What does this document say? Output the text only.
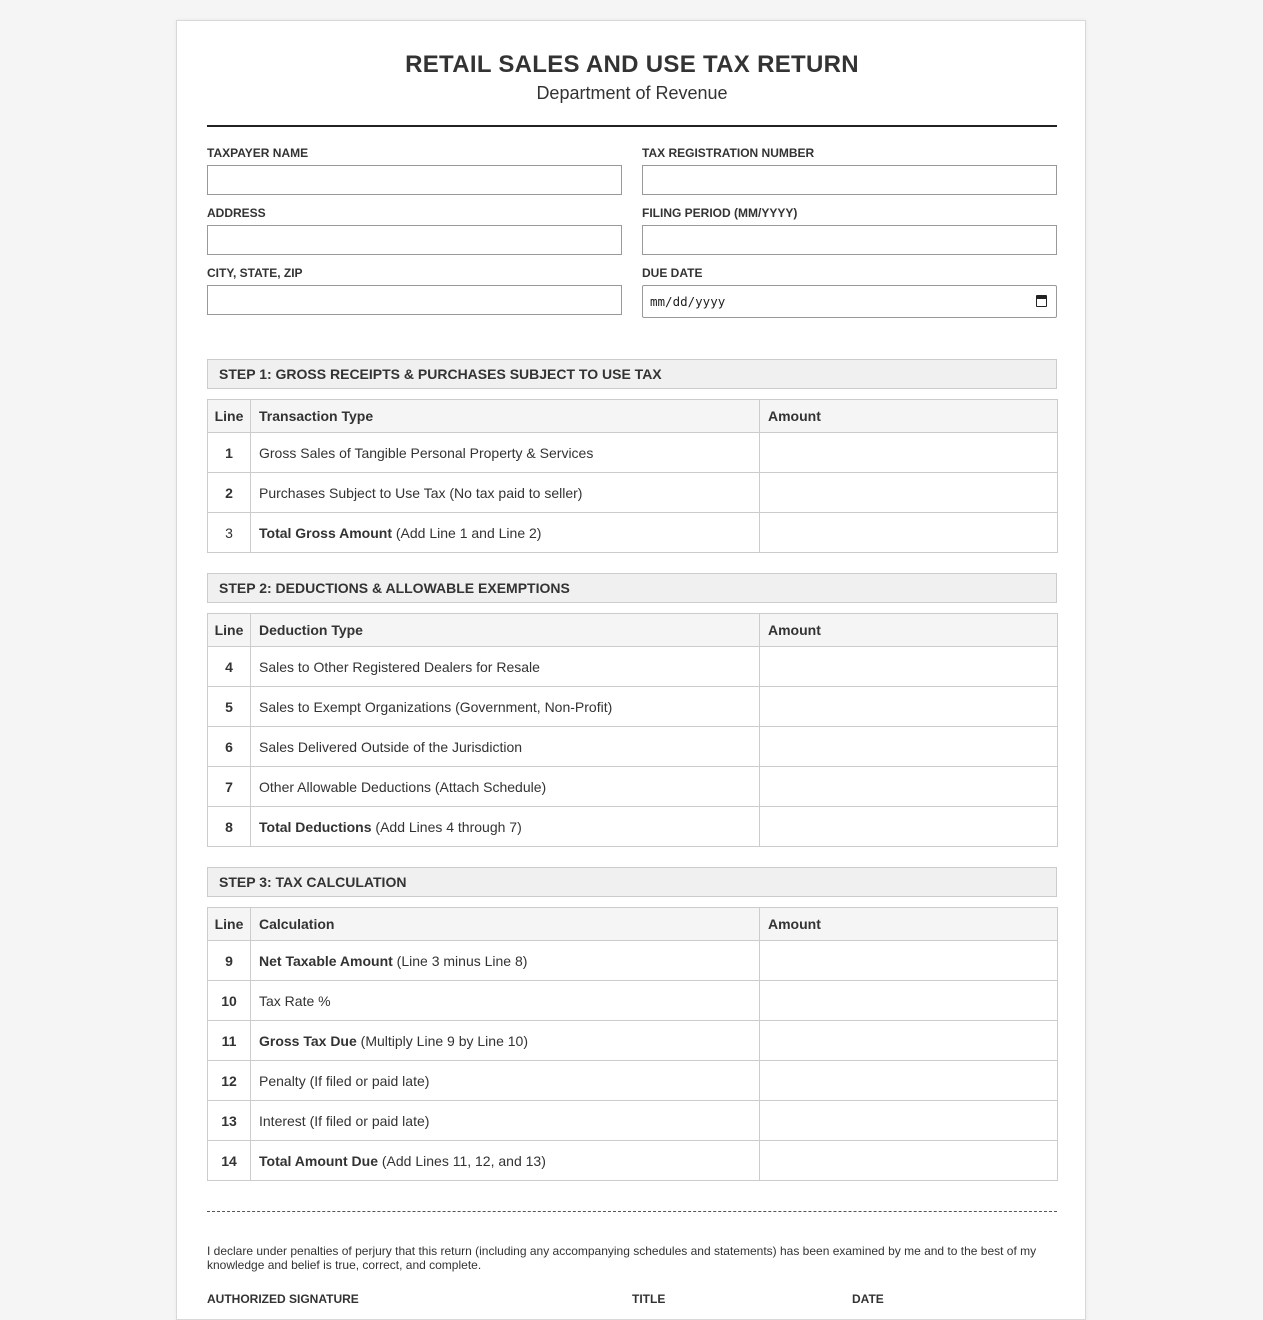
RETAIL SALES AND USE TAX RETURN
Department of Revenue
TAXPAYER NAME	TAX REGISTRATION NUMBER
ADDRESS	FILING PERIOD (MM/YYYY)
CITY, STATE, ZIP	DUE DATE
mm/dd/yyyy
STEP 1: GROSS RECEIPTS & PURCHASES SUBJECT TO USE TAX
Line	Transaction Type	Amount
1	Gross Sales of Tangible Personal Property & Services	
2	Purchases Subject to Use Tax (No tax paid to seller)	
3	Total Gross Amount (Add Line 1 and Line 2)	
STEP 2: DEDUCTIONS & ALLOWABLE EXEMPTIONS
Line	Deduction Type	Amount
4	Sales to Other Registered Dealers for Resale	
5	Sales to Exempt Organizations (Government, Non-Profit)	
6	Sales Delivered Outside of the Jurisdiction	
7	Other Allowable Deductions (Attach Schedule)	
8	Total Deductions (Add Lines 4 through 7)	
STEP 3: TAX CALCULATION
Line	Calculation	Amount
9	Net Taxable Amount (Line 3 minus Line 8)	
10	Tax Rate %	
11	Gross Tax Due (Multiply Line 9 by Line 10)	
12	Penalty (If filed or paid late)	
13	Interest (If filed or paid late)	
14	Total Amount Due (Add Lines 11, 12, and 13)	
I declare under penalties of perjury that this return (including any accompanying schedules and statements) has been examined by me and to the best of my knowledge and belief is true, correct, and complete.
AUTHORIZED SIGNATURE	TITLE	DATE
